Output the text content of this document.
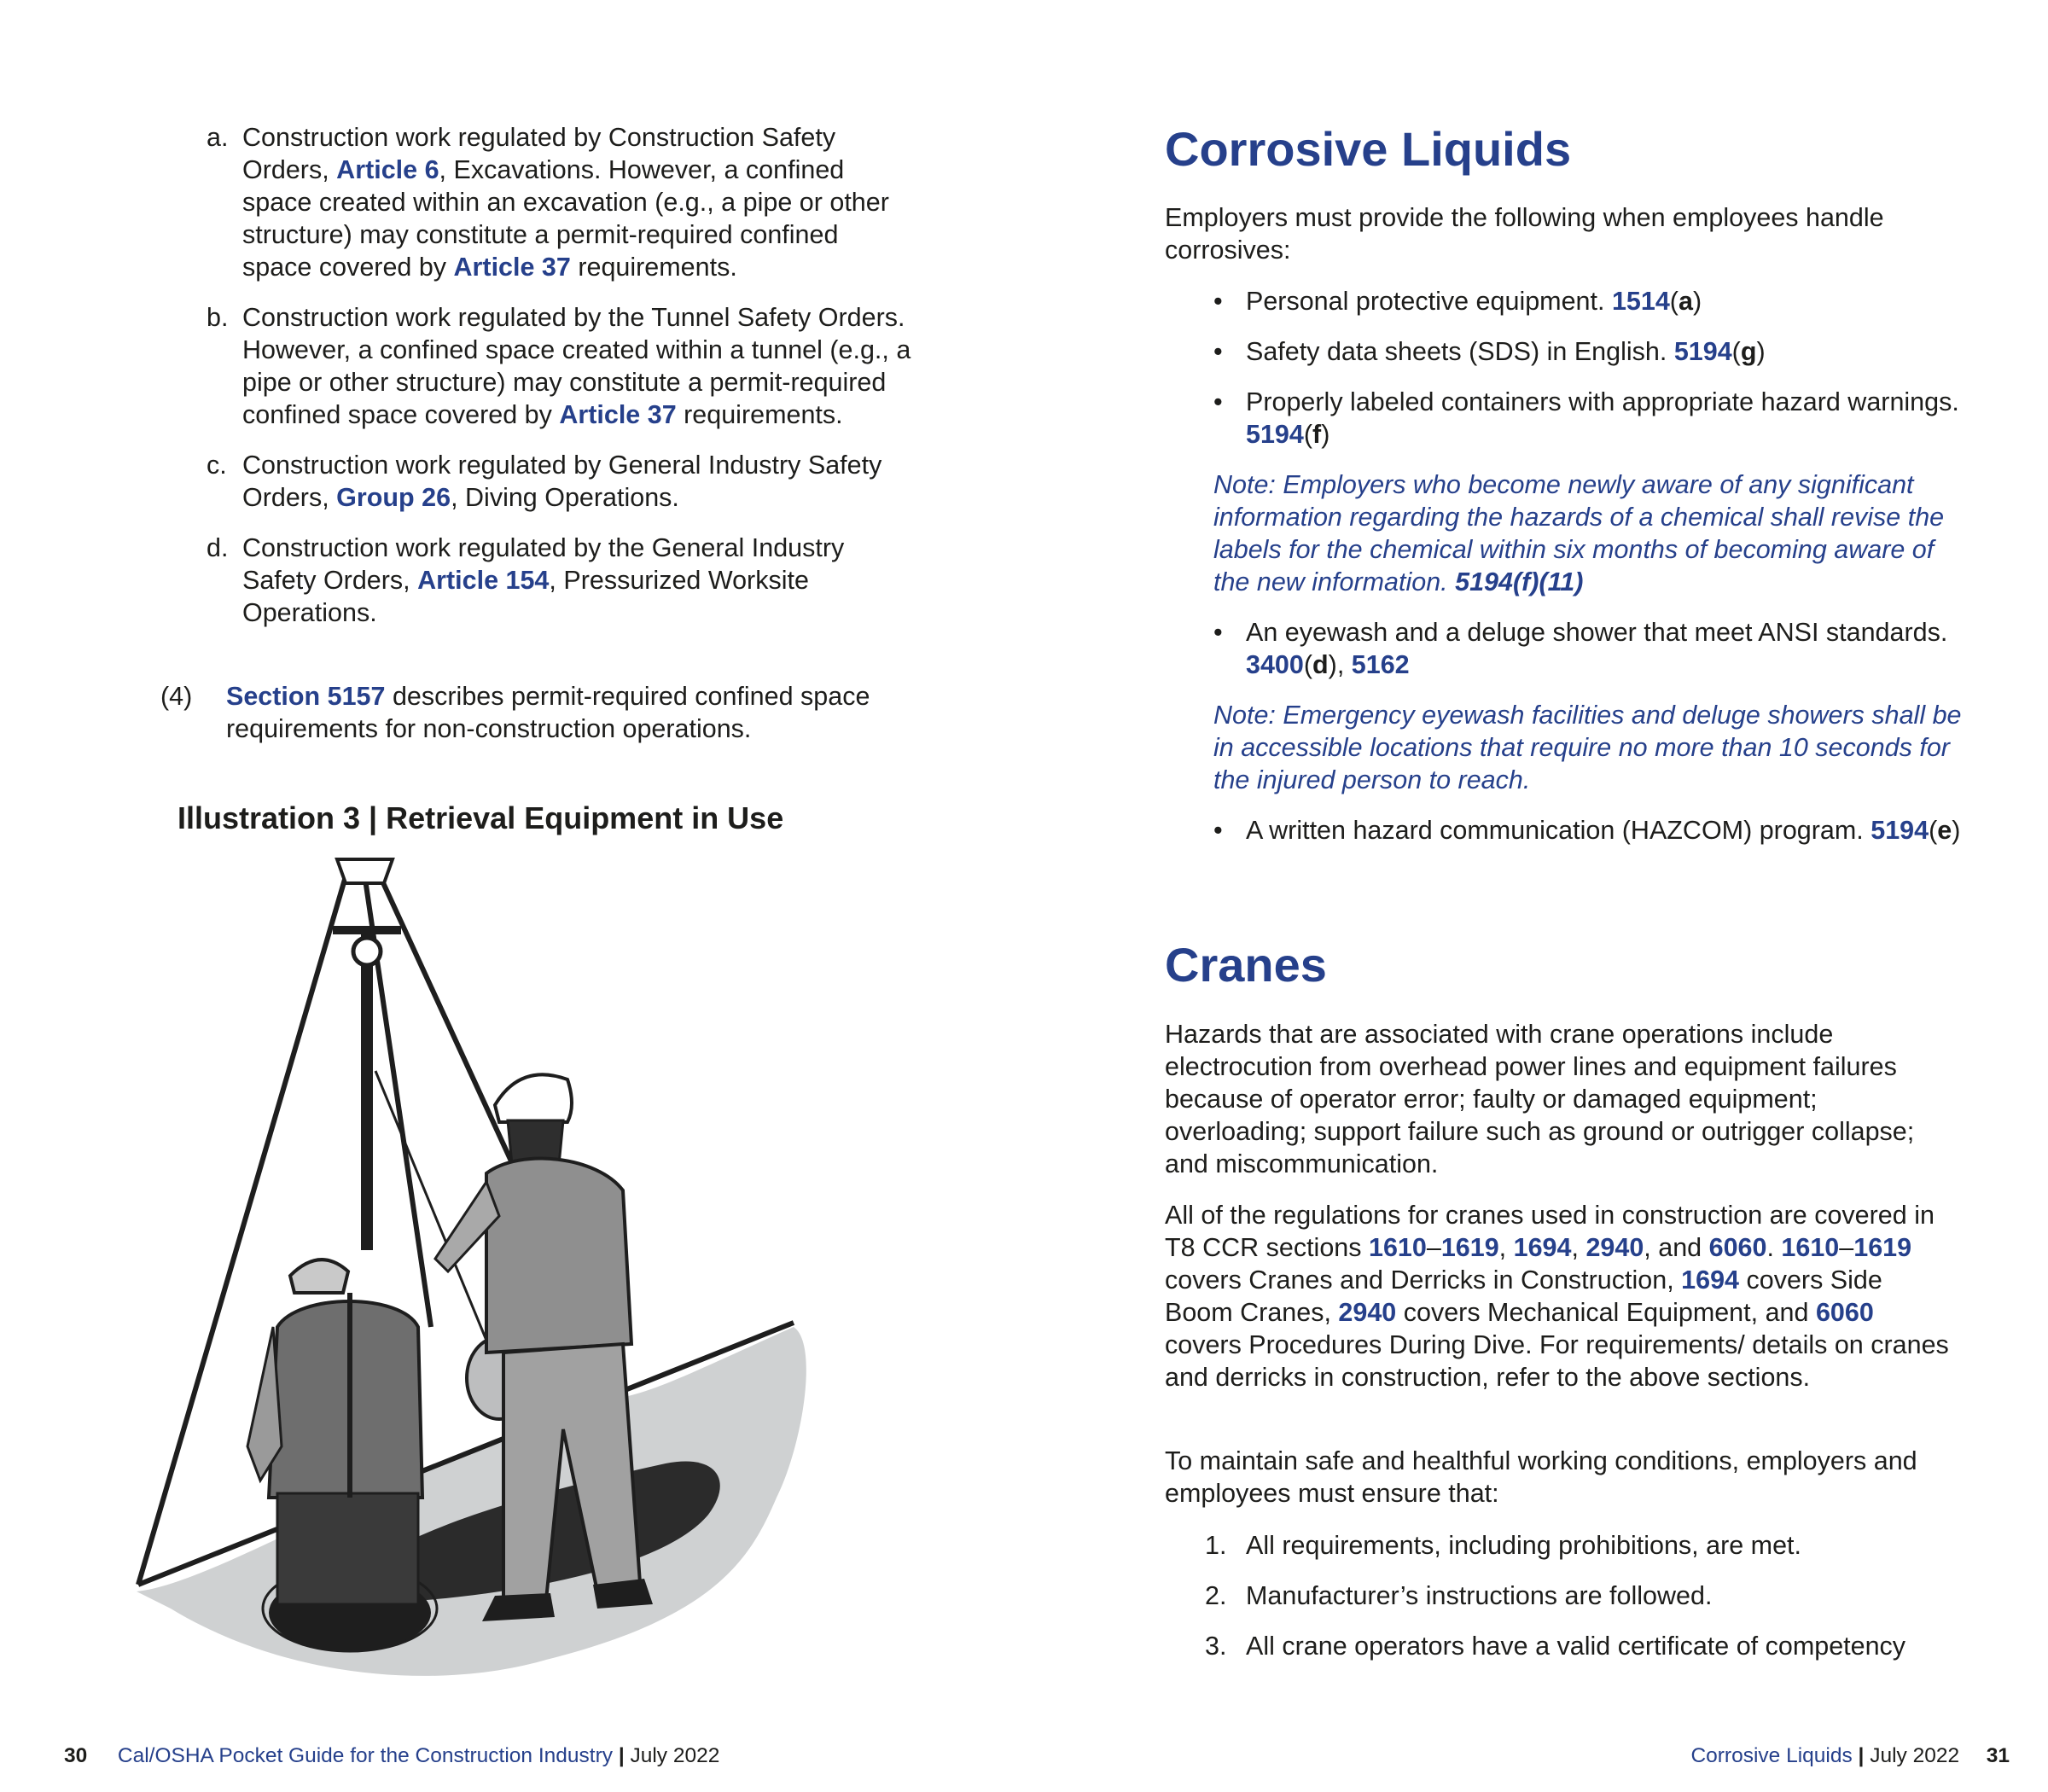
a. Construction work regulated by Construction Safety Orders, Article 6, Excavations. However, a confined space created within an excavation (e.g., a pipe or other structure) may constitute a permit-required confined space covered by Article 37 requirements.
b. Construction work regulated by the Tunnel Safety Orders. However, a confined space created within a tunnel (e.g., a pipe or other structure) may constitute a permit-required confined space covered by Article 37 requirements.
c. Construction work regulated by General Industry Safety Orders, Group 26, Diving Operations.
d. Construction work regulated by the General Industry Safety Orders, Article 154, Pressurized Worksite Operations.
(4)	Section 5157 describes permit-required confined space requirements for non-construction operations.
Illustration 3 | Retrieval Equipment in Use
Corrosive Liquids
Employers must provide the following when employees handle corrosives:
• Personal protective equipment. 1514(a)
• Safety data sheets (SDS) in English. 5194(g)
• Properly labeled containers with appropriate hazard warnings. 5194(f)
Note: Employers who become newly aware of any significant information regarding the hazards of a chemical shall revise the labels for the chemical within six months of becoming aware of the new information. 5194(f)(11)
• An eyewash and a deluge shower that meet ANSI standards. 3400(d), 5162
Note: Emergency eyewash facilities and deluge showers shall be in accessible locations that require no more than 10 seconds for the injured person to reach.
• A written hazard communication (HAZCOM) program. 5194(e)
Cranes
Hazards that are associated with crane operations include electrocution from overhead power lines and equipment failures because of operator error; faulty or damaged equipment; overloading; support failure such as ground or outrigger collapse; and miscommunication.
All of the regulations for cranes used in construction are covered in T8 CCR sections 1610–1619, 1694, 2940, and 6060. 1610–1619 covers Cranes and Derricks in Construction, 1694 covers Side Boom Cranes, 2940 covers Mechanical Equipment, and 6060 covers Procedures During Dive. For requirements/ details on cranes and derricks in construction, refer to the above sections.
To maintain safe and healthful working conditions, employers and employees must ensure that:
1. All requirements, including prohibitions, are met.
2. Manufacturer’s instructions are followed.
3. All crane operators have a valid certificate of competency
30 Cal/OSHA Pocket Guide for the Construction Industry | July 2022	Corrosive Liquids | July 2022 31
